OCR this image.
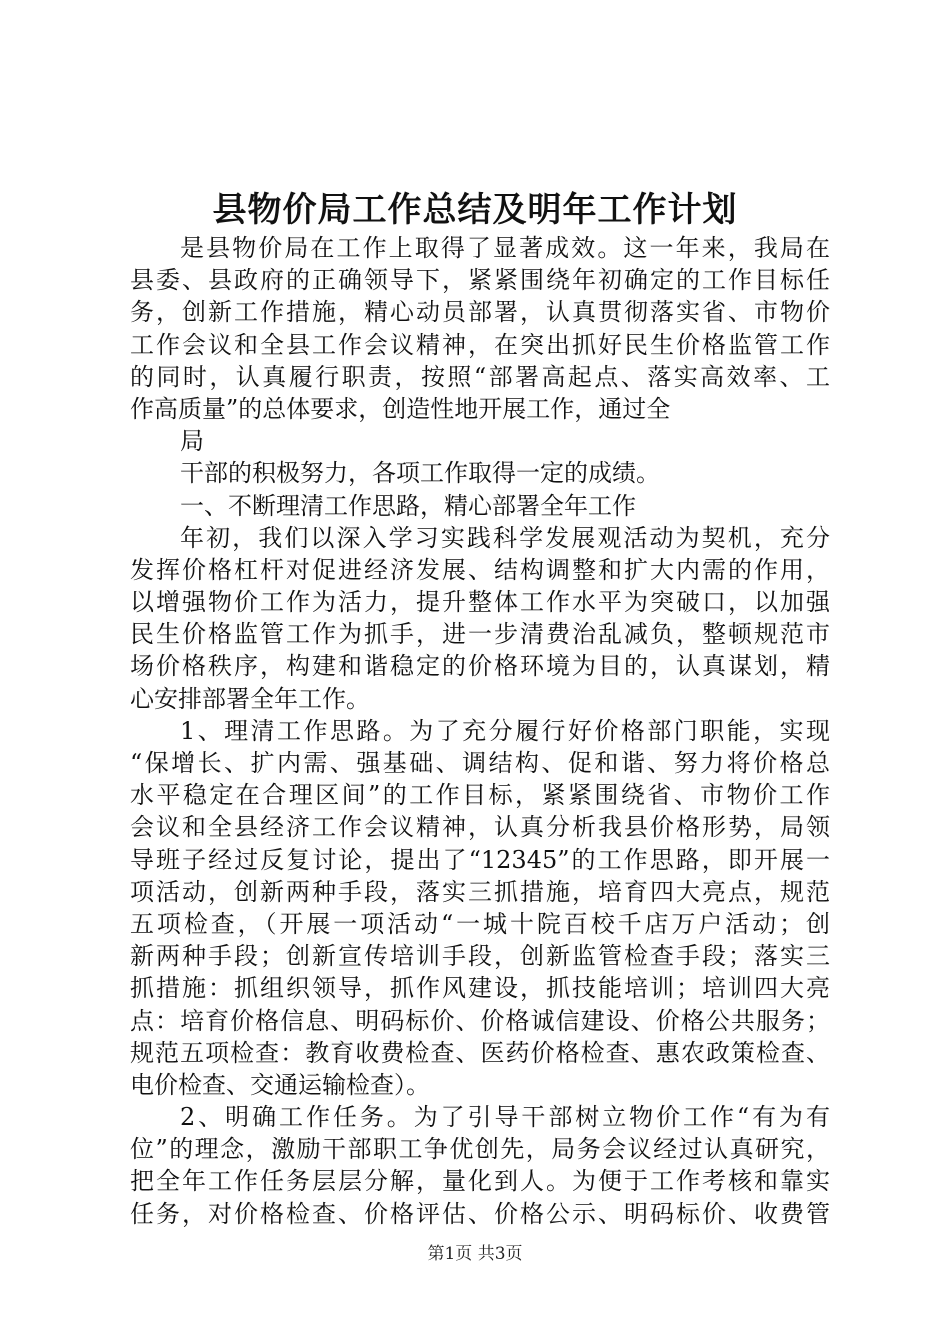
县物价局工作总结及明年工作计划
是县物价局在工作上取得了显著成效。这一年来，我局在
县委、县政府的正确领导下，紧紧围绕年初确定的工作目标任
务，创新工作措施，精心动员部署，认真贯彻落实省、市物价
工作会议和全县工作会议精神，在突出抓好民生价格监管工作
的同时，认真履行职责，按照“部署高起点、落实高效率、工
作高质量”的总体要求，创造性地开展工作，通过全
局
干部的积极努力，各项工作取得一定的成绩。
一、不断理清工作思路，精心部署全年工作
年初，我们以深入学习实践科学发展观活动为契机，充分
发挥价格杠杆对促进经济发展、结构调整和扩大内需的作用，
以增强物价工作为活力，提升整体工作水平为突破口，以加强
民生价格监管工作为抓手，进一步清费治乱减负，整顿规范市
场价格秩序，构建和谐稳定的价格环境为目的，认真谋划，精
心安排部署全年工作。
1、理清工作思路。为了充分履行好价格部门职能，实现
“保增长、扩内需、强基础、调结构、促和谐、努力将价格总
水平稳定在合理区间”的工作目标，紧紧围绕省、市物价工作
会议和全县经济工作会议精神，认真分析我县价格形势，局领
导班子经过反复讨论，提出了“12345”的工作思路，即开展一
项活动，创新两种手段，落实三抓措施，培育四大亮点，规范
五项检查，（开展一项活动“一城十院百校千店万户活动；创
新两种手段；创新宣传培训手段，创新监管检查手段；落实三
抓措施：抓组织领导，抓作风建设，抓技能培训；培训四大亮
点：培育价格信息、明码标价、价格诚信建设、价格公共服务；
规范五项检查：教育收费检查、医药价格检查、惠农政策检查、
电价检查、交通运输检查）。
2、明确工作任务。为了引导干部树立物价工作“有为有
位”的理念，激励干部职工争优创先，局务会议经过认真研究，
把全年工作任务层层分解，量化到人。为便于工作考核和靠实
任务，对价格检查、价格评估、价格公示、明码标价、收费管
第1页 共3页
